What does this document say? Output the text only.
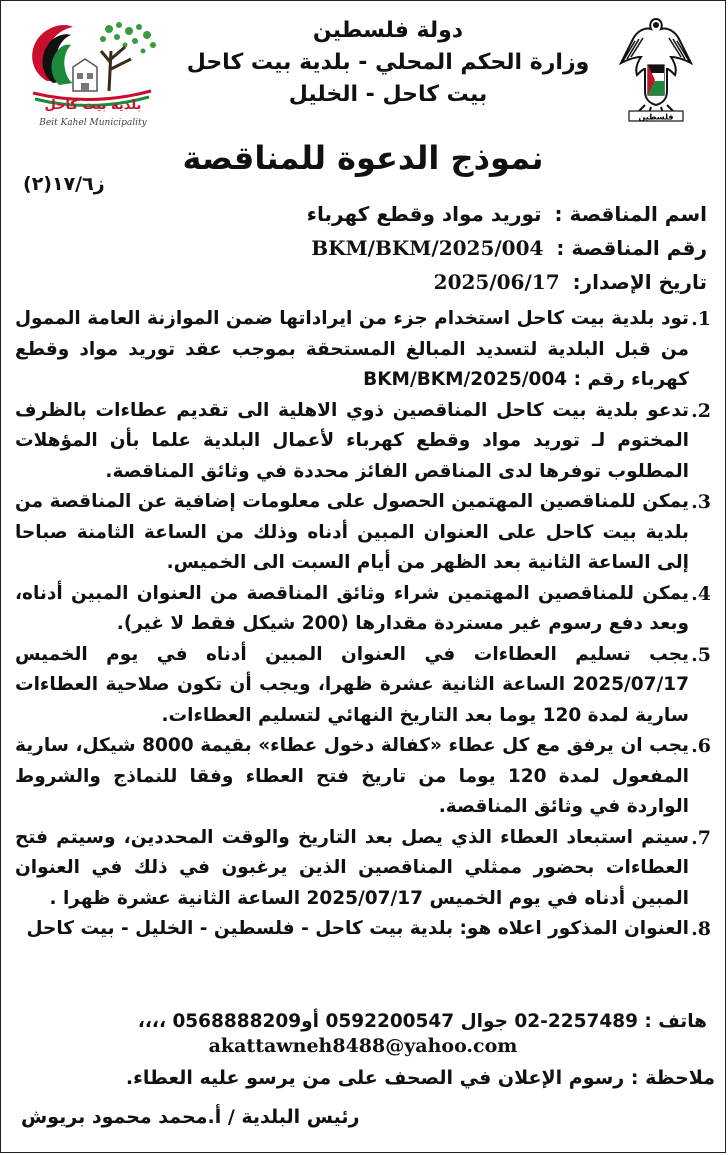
فلسطين
دولة فلسطين
وزارة الحكم المحلي - بلدية بيت كاحل
بيت كاحل - الخليل
بلدية بيت كاحل
Beit Kahel Municipality
نموذج الدعوة للمناقصة
ز١٧/٦(٢)
اسم المناقصة : توريد مواد وقطع كهرباء
رقم المناقصة : BKM/BKM/2025/004
تاريخ الإصدار: 2025/06/17
1.
تود بلدية بيت كاحل استخدام جزء من ايراداتها ضمن الموازنة العامة الممول من قبل البلدية لتسديد المبالغ المستحقة بموجب عقد توريد مواد وقطع كهرباء رقم : BKM/BKM/2025/004
2.
تدعو بلدية بيت كاحل المناقصين ذوي الاهلية الى تقديم عطاءات بالظرف المختوم لـ توريد مواد وقطع كهرباء لأعمال البلدية علما بأن المؤهلات المطلوب توفرها لدى المناقص الفائز محددة في وثائق المناقصة.
3.
يمكن للمناقصين المهتمين الحصول على معلومات إضافية عن المناقصة من بلدية بيت كاحل على العنوان المبين أدناه وذلك من الساعة الثامنة صباحا إلى الساعة الثانية بعد الظهر من أيام السبت الى الخميس.
4.
يمكن للمناقصين المهتمين شراء وثائق المناقصة من العنوان المبين أدناه، وبعد دفع رسوم غير مستردة مقدارها (200 شيكل فقط لا غير).
5.
يجب تسليم العطاءات في العنوان المبين أدناه في يوم الخميس 2025/07/17 الساعة الثانية عشرة ظهرا، ويجب أن تكون صلاحية العطاءات سارية لمدة 120 يوما بعد التاريخ النهائي لتسليم العطاءات.
6.
يجب ان يرفق مع كل عطاء «كفالة دخول عطاء» بقيمة 8000 شيكل، سارية المفعول لمدة 120 يوما من تاريخ فتح العطاء وفقا للنماذج والشروط الواردة في وثائق المناقصة.
7.
سيتم استبعاد العطاء الذي يصل بعد التاريخ والوقت المحددين، وسيتم فتح العطاءات بحضور ممثلي المناقصين الذين يرغبون في ذلك في العنوان المبين أدناه في يوم الخميس 2025/07/17 الساعة الثانية عشرة ظهرا .
8.
العنوان المذكور اعلاه هو: بلدية بيت كاحل - فلسطين - الخليل - بيت كاحل
هاتف : 2257489-02 جوال 0592200547 أو0568888209 ،،،،
akattawneh8488@yahoo.com
ملاحظة : رسوم الإعلان في الصحف على من يرسو عليه العطاء.
رئيس البلدية / أ.محمد محمود بريوش
